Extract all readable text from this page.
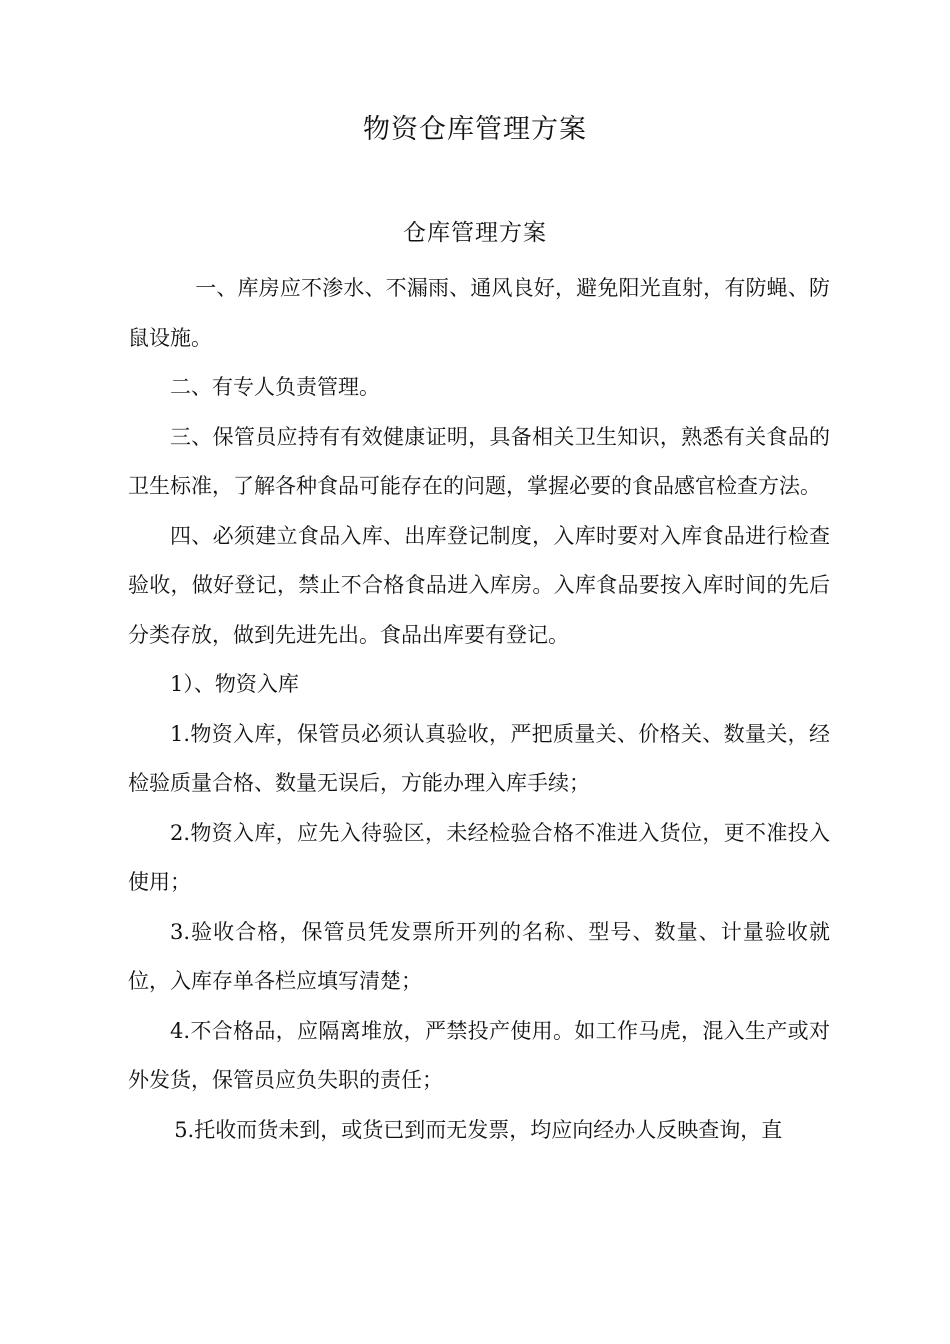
物资仓库管理方案
仓库管理方案

一、库房应不渗水、不漏雨、通风良好，避免阳光直射，有防蝇、防鼠设施。

二、有专人负责管理。

三、保管员应持有有效健康证明，具备相关卫生知识，熟悉有关食品的卫生标准，了解各种食品可能存在的问题，掌握必要的食品感官检查方法。

四、必须建立食品入库、出库登记制度，入库时要对入库食品进行检查验收，做好登记，禁止不合格食品进入库房。入库食品要按入库时间的先后分类存放，做到先进先出。食品出库要有登记。

1）、物资入库

1.物资入库，保管员必须认真验收，严把质量关、价格关、数量关，经检验质量合格、数量无误后，方能办理入库手续；

2.物资入库，应先入待验区，未经检验合格不准进入货位，更不准投入使用；

3.验收合格，保管员凭发票所开列的名称、型号、数量、计量验收就位，入库存单各栏应填写清楚；

4.不合格品，应隔离堆放，严禁投产使用。如工作马虎，混入生产或对外发货，保管员应负失职的责任；

5.托收而货未到，或货已到而无发票，均应向经办人反映查询，直
